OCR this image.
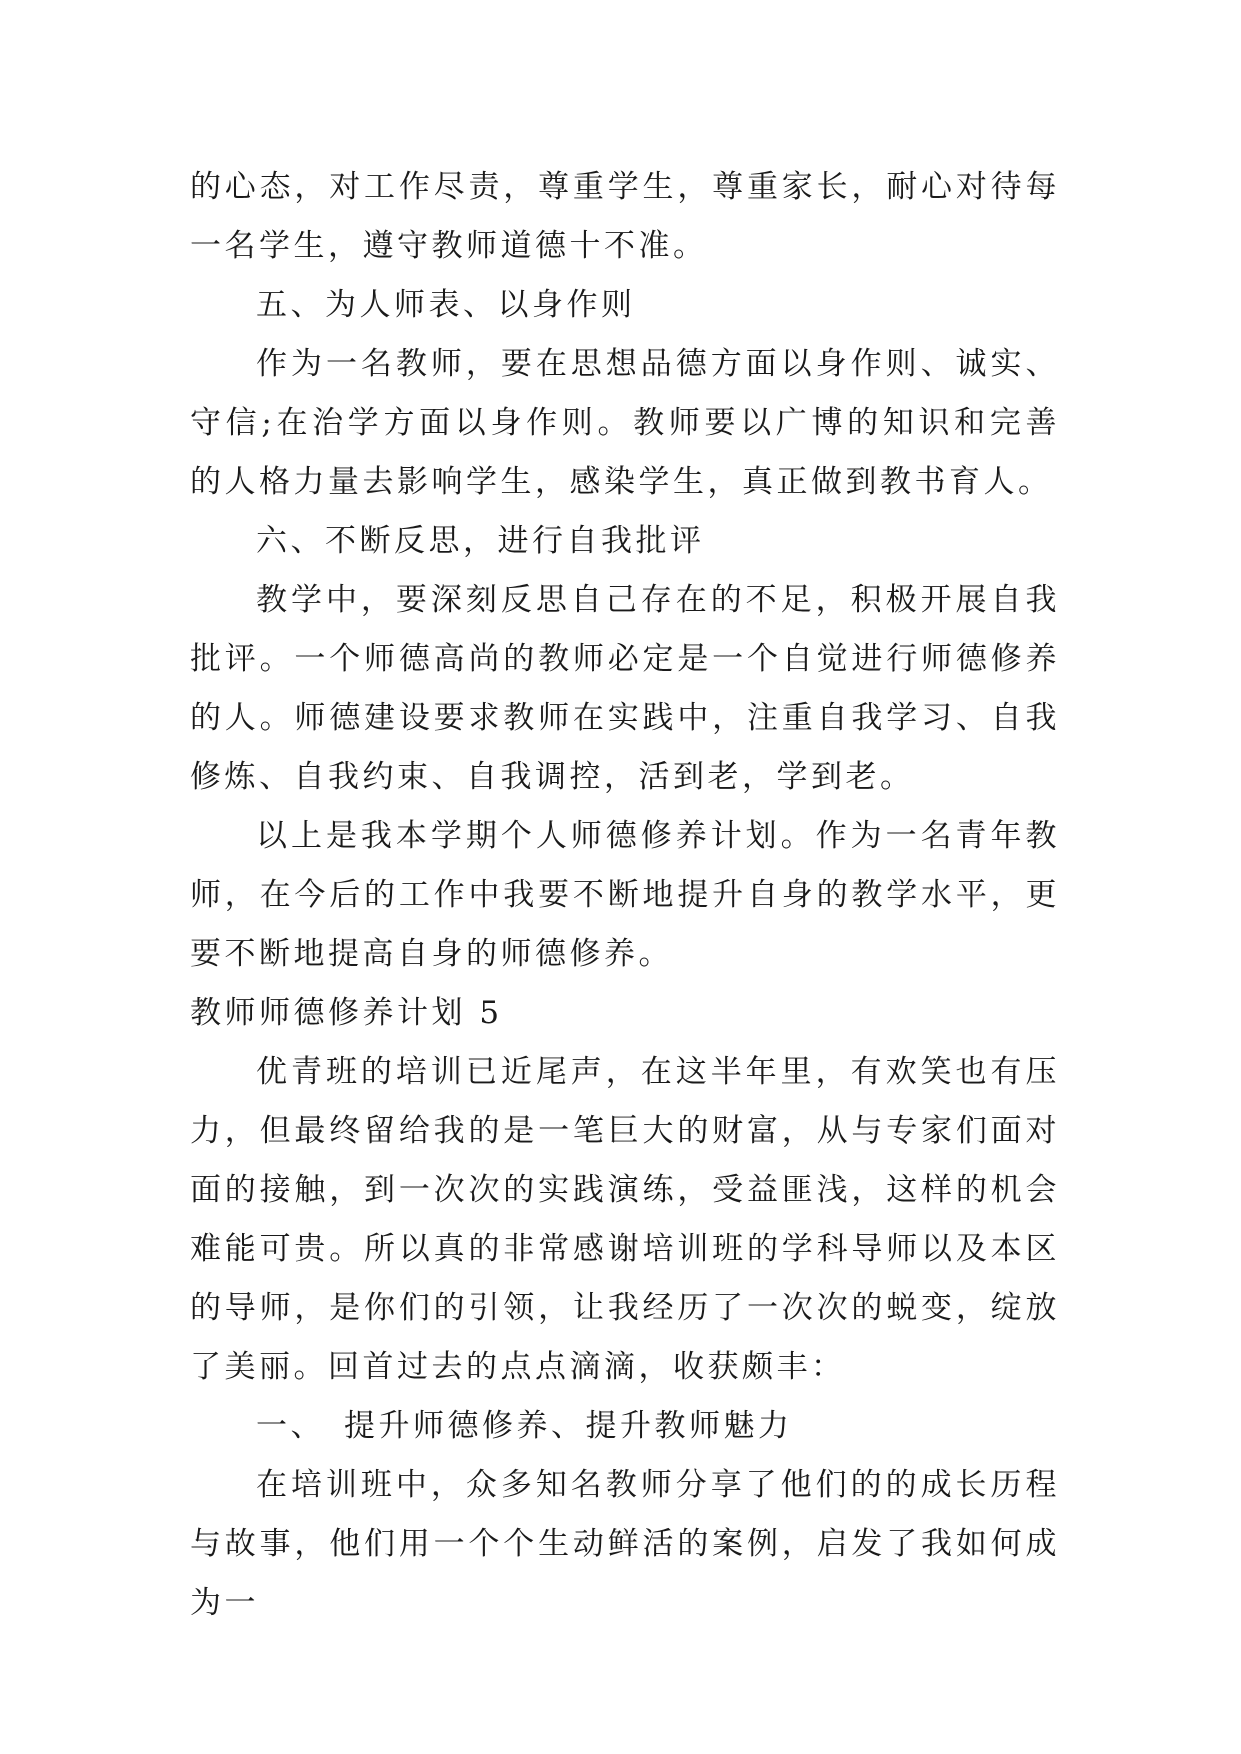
的心态，对工作尽责，尊重学生，尊重家长，耐心对待每一名学生，遵守教师道德十不准。

五、为人师表、以身作则

作为一名教师，要在思想品德方面以身作则、诚实、守信;在治学方面以身作则。教师要以广博的知识和完善的人格力量去影响学生，感染学生，真正做到教书育人。

六、不断反思，进行自我批评

教学中，要深刻反思自己存在的不足，积极开展自我批评。一个师德高尚的教师必定是一个自觉进行师德修养的人。师德建设要求教师在实践中，注重自我学习、自我修炼、自我约束、自我调控，活到老，学到老。

以上是我本学期个人师德修养计划。作为一名青年教师，在今后的工作中我要不断地提升自身的教学水平，更要不断地提高自身的师德修养。

教师师德修养计划 5

优青班的培训已近尾声，在这半年里，有欢笑也有压力，但最终留给我的是一笔巨大的财富，从与专家们面对面的接触，到一次次的实践演练，受益匪浅，这样的机会难能可贵。所以真的非常感谢培训班的学科导师以及本区的导师，是你们的引领，让我经历了一次次的蜕变，绽放了美丽。回首过去的点点滴滴，收获颇丰：

一、　提升师德修养、提升教师魅力

在培训班中，众多知名教师分享了他们的的成长历程与故事，他们用一个个生动鲜活的案例，启发了我如何成为一
